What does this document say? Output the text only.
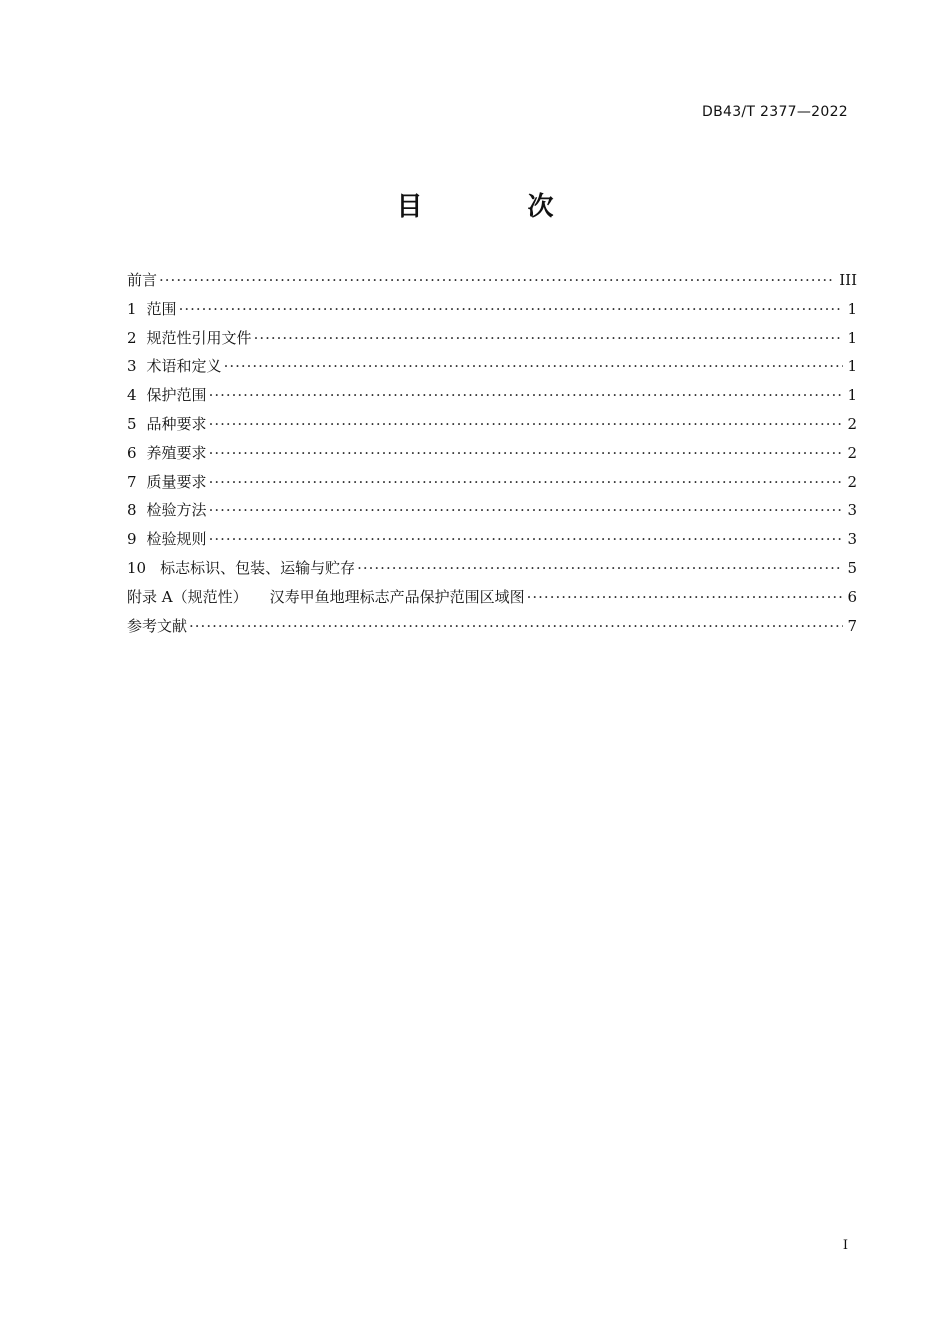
DB43/T 2377—2022
目 次
前言 ·····	III
1 范围 ·····	1
2 规范性引用文件 ·····	1
3 术语和定义 ·····	1
4 保护范围 ·····	1
5 品种要求 ·····	2
6 养殖要求 ·····	2
7 质量要求 ·····	2
8 检验方法 ·····	3
9 检验规则 ·····	3
10 标志标识、包装、运输与贮存 ·····	5
附录 A（规范性）	汉寿甲鱼地理标志产品保护范围区域图 ·····	6
参考文献 ·····	7
I
